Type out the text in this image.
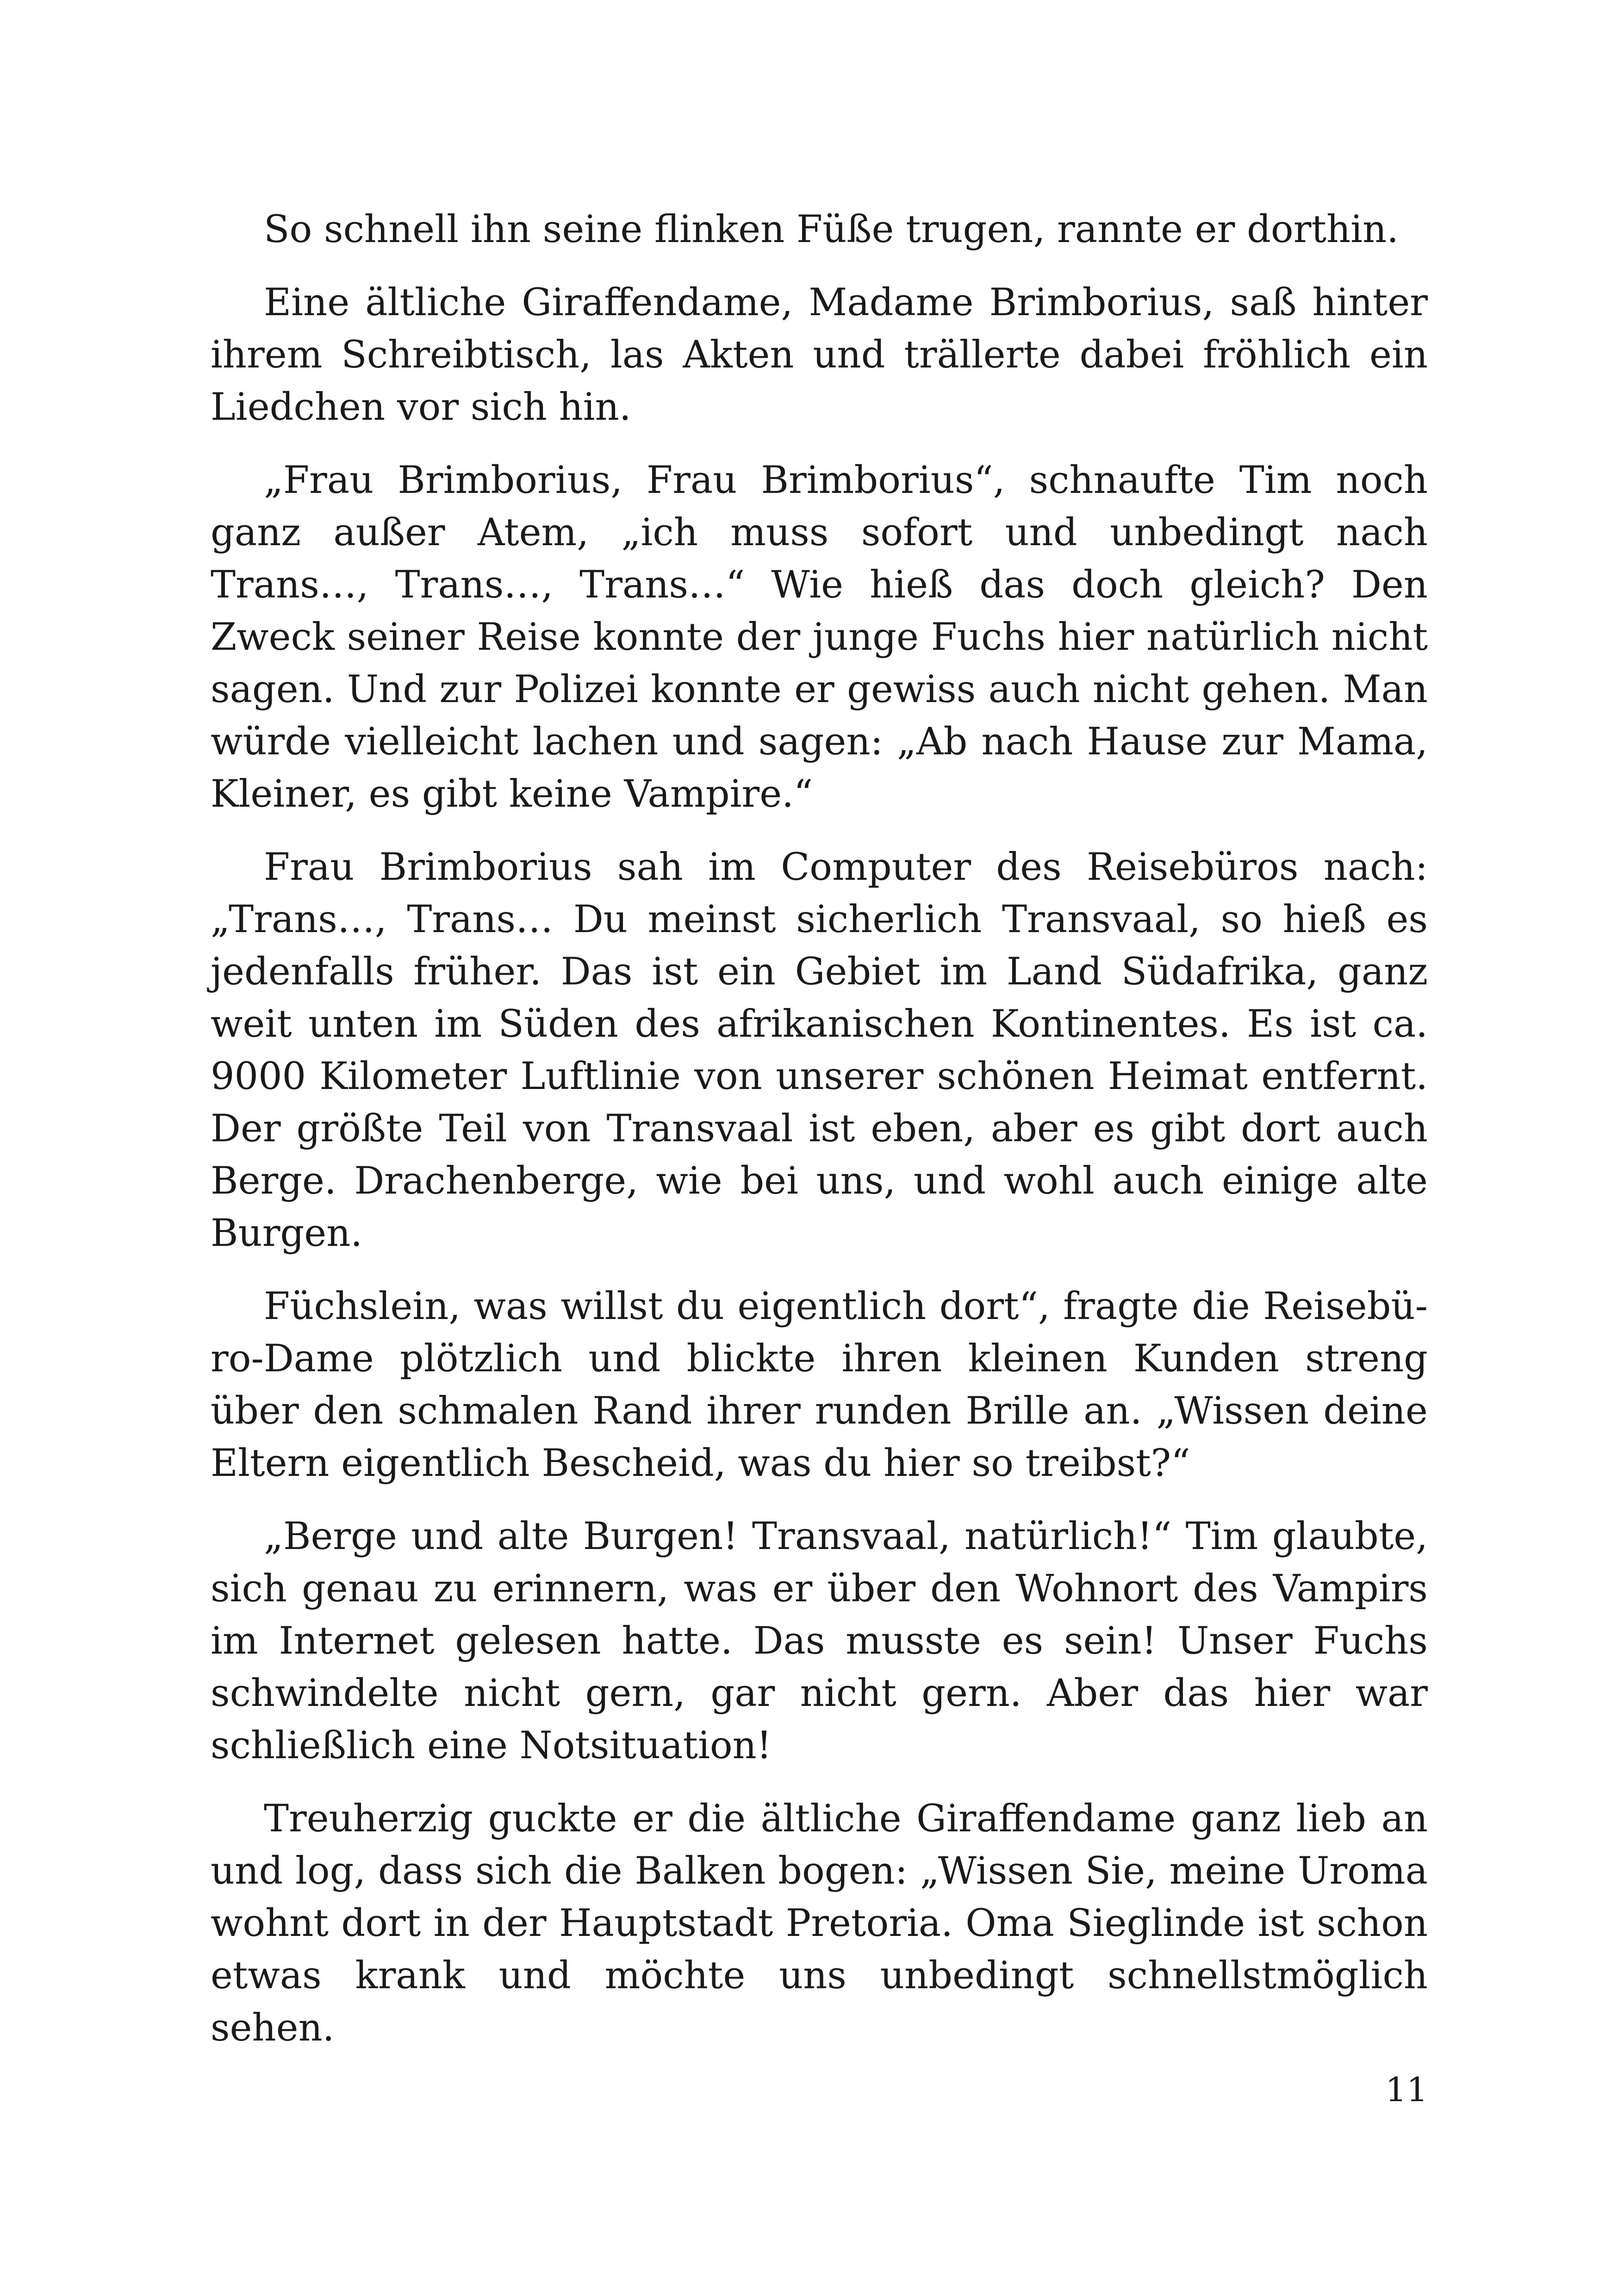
So schnell ihn seine flinken Füße trugen, rannte er dorthin.

Eine ältliche Giraffendame, Madame Brimborius, saß hinter ihrem Schreibtisch, las Akten und trällerte dabei fröhlich ein Liedchen vor sich hin.

„Frau Brimborius, Frau Brimborius“, schnaufte Tim noch ganz außer Atem, „ich muss sofort und unbedingt nach Trans…, Trans…, Trans…“ Wie hieß das doch gleich? Den Zweck seiner Reise konnte der junge Fuchs hier natürlich nicht sagen. Und zur Polizei konnte er gewiss auch nicht gehen. Man würde vielleicht lachen und sagen: „Ab nach Hause zur Mama, Kleiner, es gibt keine Vampire.“

Frau Brimborius sah im Computer des Reisebüros nach: „Trans…, Trans… Du meinst sicherlich Transvaal, so hieß es jedenfalls früher. Das ist ein Gebiet im Land Südafrika, ganz weit unten im Süden des afrikanischen Kontinentes. Es ist ca. 9000 Kilometer Luftlinie von unserer schönen Heimat entfernt. Der größte Teil von Transvaal ist eben, aber es gibt dort auch Berge. Drachenberge, wie bei uns, und wohl auch einige alte Burgen.

Füchslein, was willst du eigentlich dort“, fragte die Reisebüro-Dame plötzlich und blickte ihren kleinen Kunden streng über den schmalen Rand ihrer runden Brille an. „Wissen deine Eltern eigentlich Bescheid, was du hier so treibst?“

„Berge und alte Burgen! Transvaal, natürlich!“ Tim glaubte, sich genau zu erinnern, was er über den Wohnort des Vampirs im Internet gelesen hatte. Das musste es sein! Unser Fuchs schwindelte nicht gern, gar nicht gern. Aber das hier war schließlich eine Notsituation!

Treuherzig guckte er die ältliche Giraffendame ganz lieb an und log, dass sich die Balken bogen: „Wissen Sie, meine Uroma wohnt dort in der Hauptstadt Pretoria. Oma Sieglinde ist schon etwas krank und möchte uns unbedingt schnellstmöglich sehen.

11
